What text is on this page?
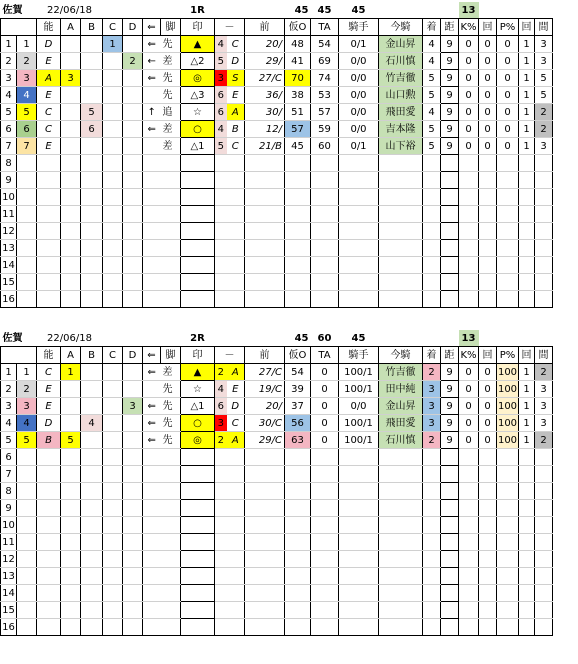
佐賀		22/06/18							1R			45		45	45				13				
		能	A	B	C	D	⇐	脚	印	－		前	仮O	TA	騎手	今騎	着	距	K%	回	P%	回	間
1	1	D			1		⇐	先	▲	4	C	20/	48	54	0/1	金山昇	4	9	0	0	0	1	3
2	2	E				2	←	差	△2	5	D	29/	41	69	0/0	石川慎	4	9	0	0	0	1	3
3	3	A	3				⇐	先	◎	3	S	27/C	70	74	0/0	竹吉徹	5	9	0	0	0	1	5
4	4	E						先	△3	6	E	36/	38	53	0/0	山口勲	5	9	0	0	0	1	5
5	5	C		5			↑	追	☆	6	A	30/	51	57	0/0	飛田愛	4	9	0	0	0	1	2
6	6	C		6			⇐	差	○	4	B	12/	57	59	0/0	吉本隆	5	9	0	0	0	1	2
7	7	E						差	△1	5	C	21/B	45	60	0/1	山下裕	5	9	0	0	0	1	3
8																							
9																							
10																							
11																							
12																							
13																							
14																							
15																							
16																							
佐賀		22/06/18							2R			45		60	45				13				
		能	A	B	C	D	⇐	脚	印	－		前	仮O	TA	騎手	今騎	着	距	K%	回	P%	回	間
1	1	C	1				⇐	差	▲	2	A	27/C	54	0	100/1	竹吉徹	2	9	0	0	100	1	2
2	2	E						先	☆	4	E	19/C	39	0	100/1	田中純	3	9	0	0	100	1	3
3	3	E				3	⇐	先	△1	6	D	20/	37	0	0/0	金山昇	3	9	0	0	100	1	3
4	4	D		4			⇐	先	○	3	C	30/C	56	0	100/1	飛田愛	3	9	0	0	100	1	3
5	5	B	5				⇐	先	◎	2	A	29/C	63	0	100/1	石川慎	2	9	0	0	100	1	2
6																							
7																							
8																							
9																							
10																							
11																							
12																							
13																							
14																							
15																							
16																							
